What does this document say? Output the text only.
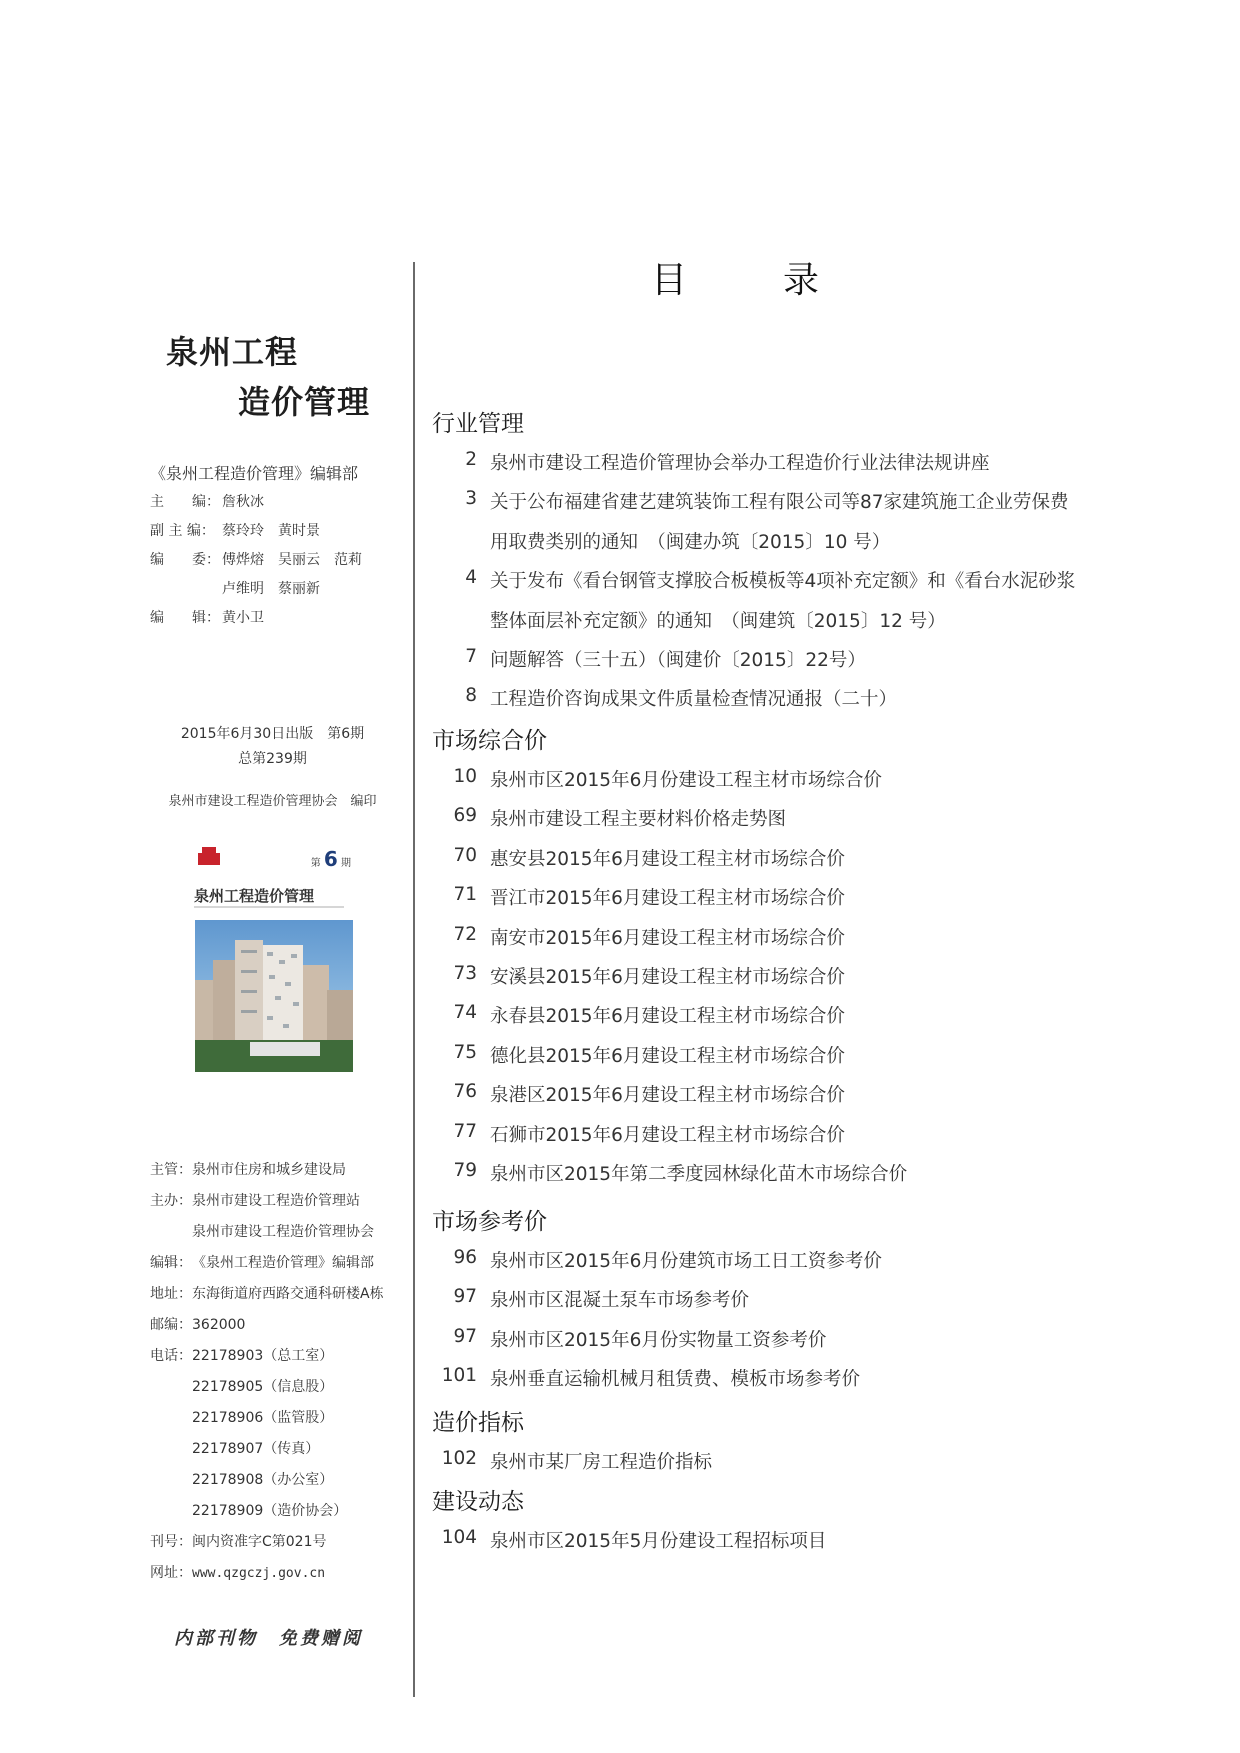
泉州工程
造价管理
《泉州工程造价管理》编辑部
主　　编： 詹秋冰
副 主 编： 蔡玲玲 黄时景
编　　委： 傅烨熔 吴丽云 范莉
卢维明 蔡丽新
编　　辑： 黄小卫
2015年6月30日出版　第6期
总第239期
泉州市建设工程造价管理协会　编印
第 6 期
泉州工程造价管理
主管：泉州市住房和城乡建设局
主办：泉州市建设工程造价管理站
泉州市建设工程造价管理协会
编辑：《泉州工程造价管理》编辑部
地址：东海街道府西路交通科研楼A栋
邮编：362000
电话：22178903（总工室）
22178905（信息股）
22178906（监管股）
22178907（传真）
22178908（办公室）
22178909（造价协会）
刊号：闽内资准字C第021号
网址：www.qzgczj.gov.cn
内部刊物　免费赠阅
目　录
行业管理
2 泉州市建设工程造价管理协会举办工程造价行业法律法规讲座
3 关于公布福建省建艺建筑装饰工程有限公司等87家建筑施工企业劳保费
用取费类别的通知　（闽建办筑〔2015〕10 号）
4 关于发布《看台钢管支撑胶合板模板等4项补充定额》和《看台水泥砂浆
整体面层补充定额》的通知　（闽建筑〔2015〕12 号）
7 问题解答（三十五）（闽建价〔2015〕22号）
8 工程造价咨询成果文件质量检查情况通报（二十）
市场综合价
10 泉州市区2015年6月份建设工程主材市场综合价
69 泉州市建设工程主要材料价格走势图
70 惠安县2015年6月建设工程主材市场综合价
71 晋江市2015年6月建设工程主材市场综合价
72 南安市2015年6月建设工程主材市场综合价
73 安溪县2015年6月建设工程主材市场综合价
74 永春县2015年6月建设工程主材市场综合价
75 德化县2015年6月建设工程主材市场综合价
76 泉港区2015年6月建设工程主材市场综合价
77 石狮市2015年6月建设工程主材市场综合价
79 泉州市区2015年第二季度园林绿化苗木市场综合价
市场参考价
96 泉州市区2015年6月份建筑市场工日工资参考价
97 泉州市区混凝土泵车市场参考价
97 泉州市区2015年6月份实物量工资参考价
101 泉州垂直运输机械月租赁费、模板市场参考价
造价指标
102 泉州市某厂房工程造价指标
建设动态
104 泉州市区2015年5月份建设工程招标项目
